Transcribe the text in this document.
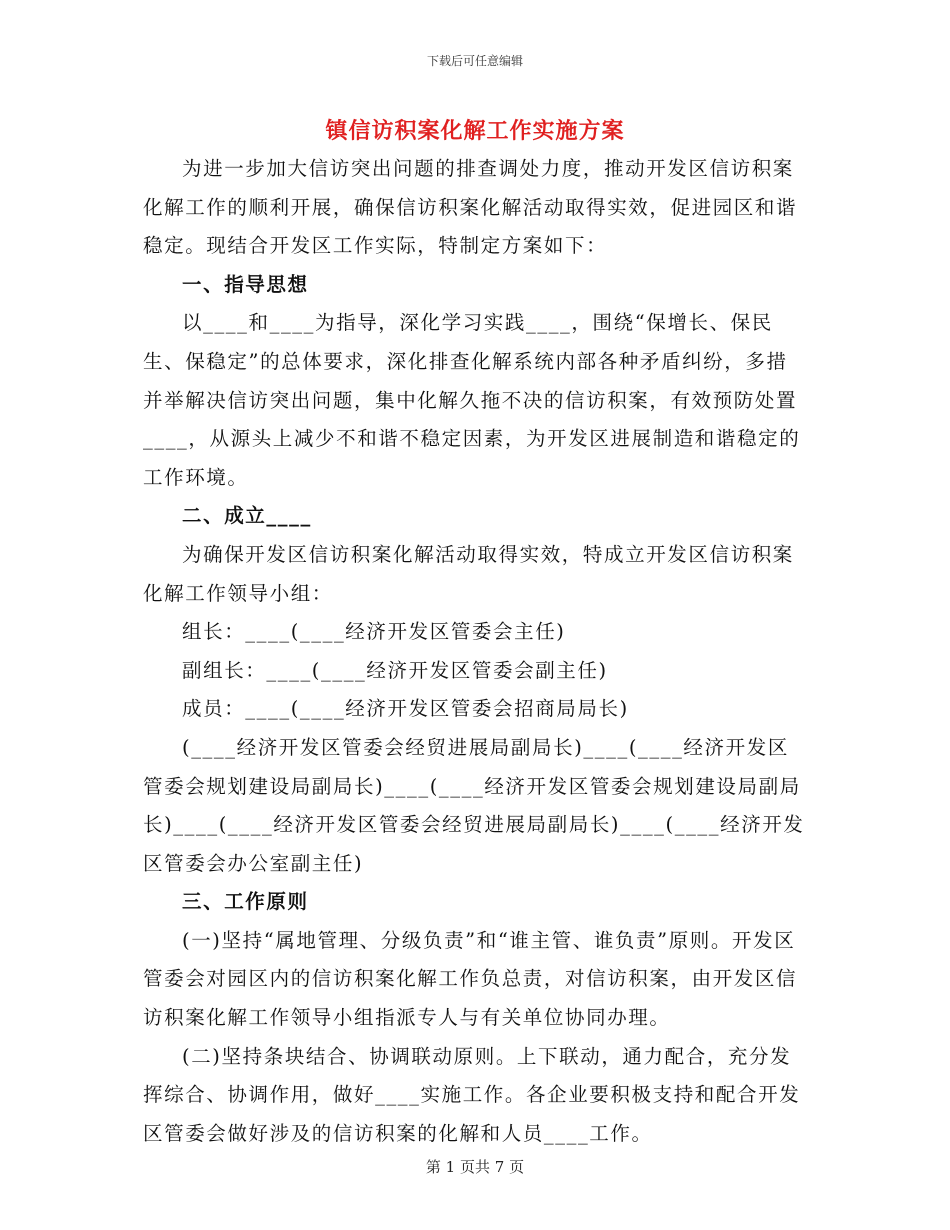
下载后可任意编辑
镇信访积案化解工作实施方案

为进一步加大信访突出问题的排查调处力度，推动开发区信访积案化解工作的顺利开展，确保信访积案化解活动取得实效，促进园区和谐稳定。现结合开发区工作实际，特制定方案如下：

一、指导思想

以____和____为指导，深化学习实践____，围绕“保增长、保民生、保稳定”的总体要求，深化排查化解系统内部各种矛盾纠纷，多措并举解决信访突出问题，集中化解久拖不决的信访积案，有效预防处置____，从源头上减少不和谐不稳定因素，为开发区进展制造和谐稳定的工作环境。

二、成立____

为确保开发区信访积案化解活动取得实效，特成立开发区信访积案化解工作领导小组：

组长：____(____经济开发区管委会主任)

副组长：____(____经济开发区管委会副主任)

成员：____(____经济开发区管委会招商局局长)

(____经济开发区管委会经贸进展局副局长)____(____经济开发区管委会规划建设局副局长)____(____经济开发区管委会规划建设局副局长)____(____经济开发区管委会经贸进展局副局长)____(____经济开发区管委会办公室副主任)

三、工作原则

(一)坚持“属地管理、分级负责”和“谁主管、谁负责”原则。开发区管委会对园区内的信访积案化解工作负总责，对信访积案，由开发区信访积案化解工作领导小组指派专人与有关单位协同办理。

(二)坚持条块结合、协调联动原则。上下联动，通力配合，充分发挥综合、协调作用，做好____实施工作。各企业要积极支持和配合开发区管委会做好涉及的信访积案的化解和人员____工作。

第 1 页共 7 页
